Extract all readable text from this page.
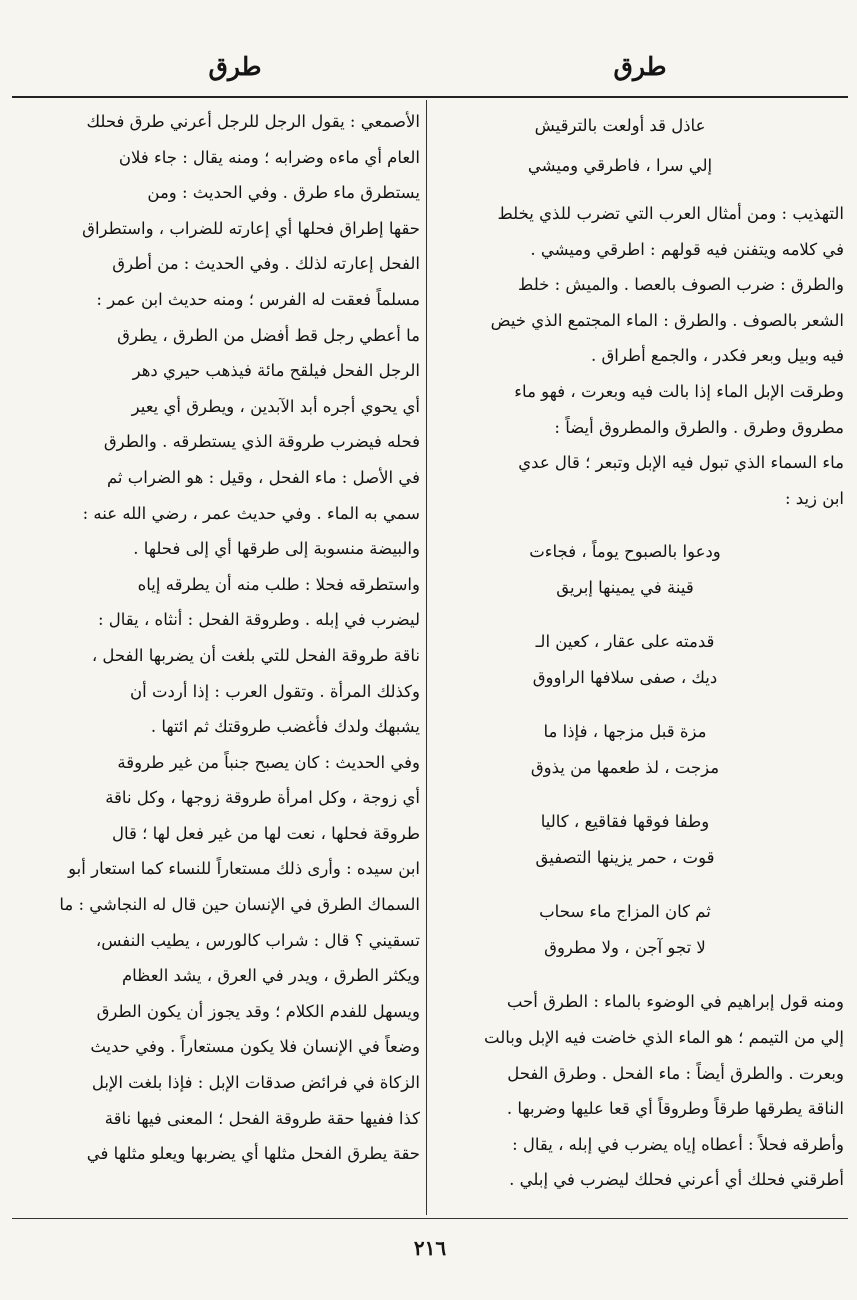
طرق
طرق
عاذل قد أولعت بالترقيش
إلي سرا ، فاطرقي وميشي
التهذيب : ومن أمثال العرب التي تضرب للذي يخلط
في كلامه ويتفنن فيه قولهم : اطرقي وميشي .
والطرق : ضرب الصوف بالعصا . والميش : خلط
الشعر بالصوف . والطرق : الماء المجتمع الذي خيض
فيه وبيل وبعر فكدر ، والجمع أطراق .
وطرقت الإبل الماء إذا بالت فيه وبعرت ، فهو ماء
مطروق وطرق . والطرق والمطروق أيضاً :
ماء السماء الذي تبول فيه الإبل وتبعر ؛ قال عدي
ابن زيد :
ودعوا بالصبوح يوماً ، فجاءت
قينة في يمينها إبريق
قدمته على عقار ، كعين الـ
ديك ، صفى سلافها الراووق
مزة قبل مزجها ، فإذا ما
مزجت ، لذ طعمها من يذوق
وطفا فوقها فقاقيع ، كاليا
قوت ، حمر يزينها التصفيق
ثم كان المزاج ماء سحاب
لا تجو آجن ، ولا مطروق
ومنه قول إبراهيم في الوضوء بالماء : الطرق أحب
إلي من التيمم ؛ هو الماء الذي خاضت فيه الإبل وبالت
وبعرت . والطرق أيضاً : ماء الفحل . وطرق الفحل
الناقة يطرقها طرقاً وطروقاً أي قعا عليها وضربها .
وأطرقه فحلاً : أعطاه إياه يضرب في إبله ، يقال :
أطرقني فحلك أي أعرني فحلك ليضرب في إبلي .
الأصمعي : يقول الرجل للرجل أعرني طرق فحلك
العام أي ماءه وضرابه ؛ ومنه يقال : جاء فلان
يستطرق ماء طرق . وفي الحديث : ومن
حقها إطراق فحلها أي إعارته للضراب ، واستطراق
الفحل إعارته لذلك . وفي الحديث : من أطرق
مسلماً فعقت له الفرس ؛ ومنه حديث ابن عمر :
ما أعطي رجل قط أفضل من الطرق ، يطرق
الرجل الفحل فيلقح مائة فيذهب حيري دهر
أي يحوي أجره أبد الآبدين ، ويطرق أي يعير
فحله فيضرب طروقة الذي يستطرقه . والطرق
في الأصل : ماء الفحل ، وقيل : هو الضراب ثم
سمي به الماء . وفي حديث عمر ، رضي الله عنه :
والبيضة منسوبة إلى طرقها أي إلى فحلها .
واستطرقه فحلا : طلب منه أن يطرقه إياه
ليضرب في إبله . وطروقة الفحل : أنثاه ، يقال :
ناقة طروقة الفحل للتي بلغت أن يضربها الفحل ،
وكذلك المرأة . وتقول العرب : إذا أردت أن
يشبهك ولدك فأغضب طروقتك ثم ائتها .
وفي الحديث : كان يصبح جنباً من غير طروقة
أي زوجة ، وكل امرأة طروقة زوجها ، وكل ناقة
طروقة فحلها ، نعت لها من غير فعل لها ؛ قال
ابن سيده : وأرى ذلك مستعاراً للنساء كما استعار أبو
السماك الطرق في الإنسان حين قال له النجاشي : ما
تسقيني ؟ قال : شراب كالورس ، يطيب النفس،
ويكثر الطرق ، ويدر في العرق ، يشد العظام
ويسهل للفدم الكلام ؛ وقد يجوز أن يكون الطرق
وضعاً في الإنسان فلا يكون مستعاراً . وفي حديث
الزكاة في فرائض صدقات الإبل : فإذا بلغت الإبل
كذا ففيها حقة طروقة الفحل ؛ المعنى فيها ناقة
حقة يطرق الفحل مثلها أي يضربها ويعلو مثلها في
٢١٦
